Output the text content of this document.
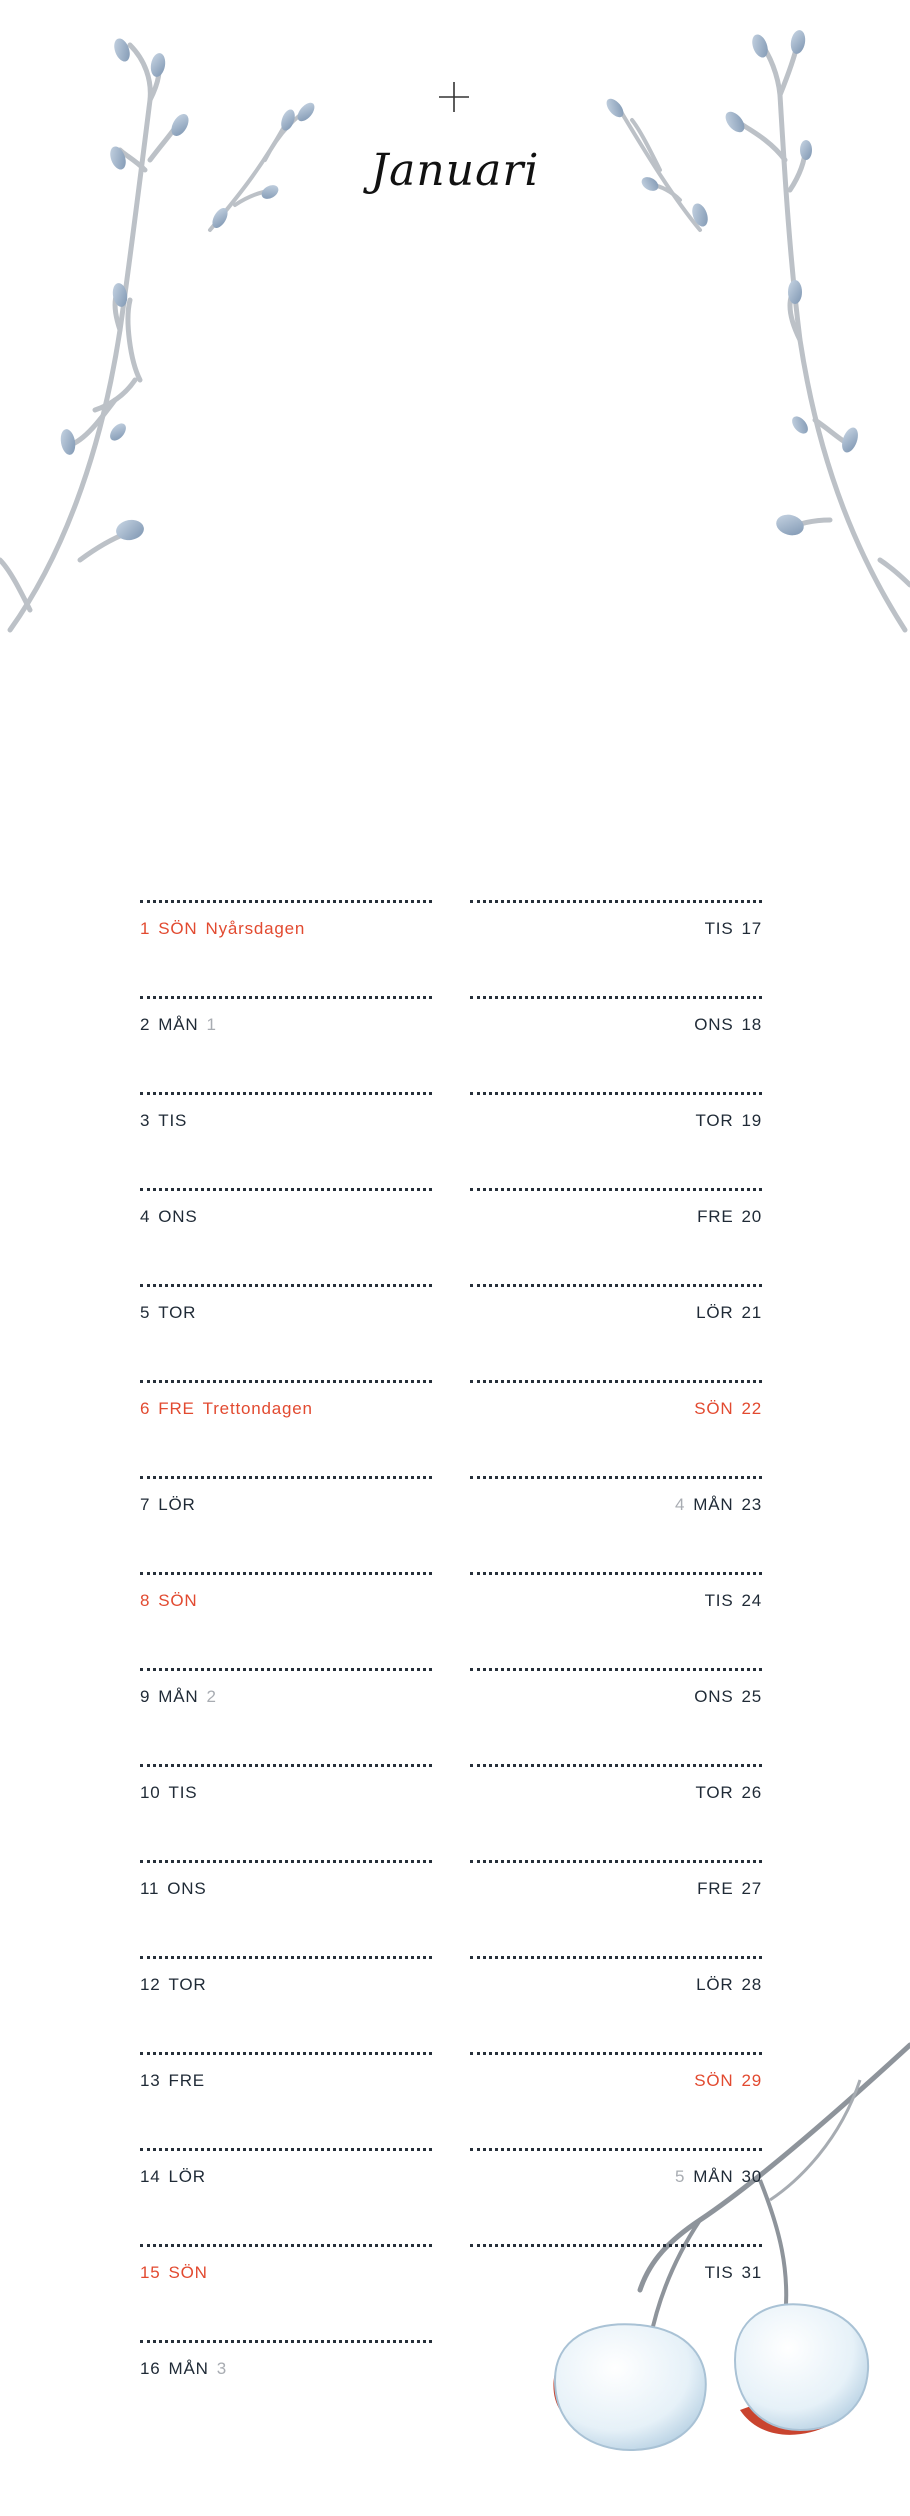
Januari
1 SÖN Nyårsdagen
2 MÅN 1
3 TIS
4 ONS
5 TOR
6 FRE Trettondagen
7 LÖR
8 SÖN
9 MÅN 2
10 TIS
11 ONS
12 TOR
13 FRE
14 LÖR
15 SÖN
16 MÅN 3
TIS 17
ONS 18
TOR 19
FRE 20
LÖR 21
SÖN 22
4 MÅN 23
TIS 24
ONS 25
TOR 26
FRE 27
LÖR 28
SÖN 29
5 MÅN 30
TIS 31
